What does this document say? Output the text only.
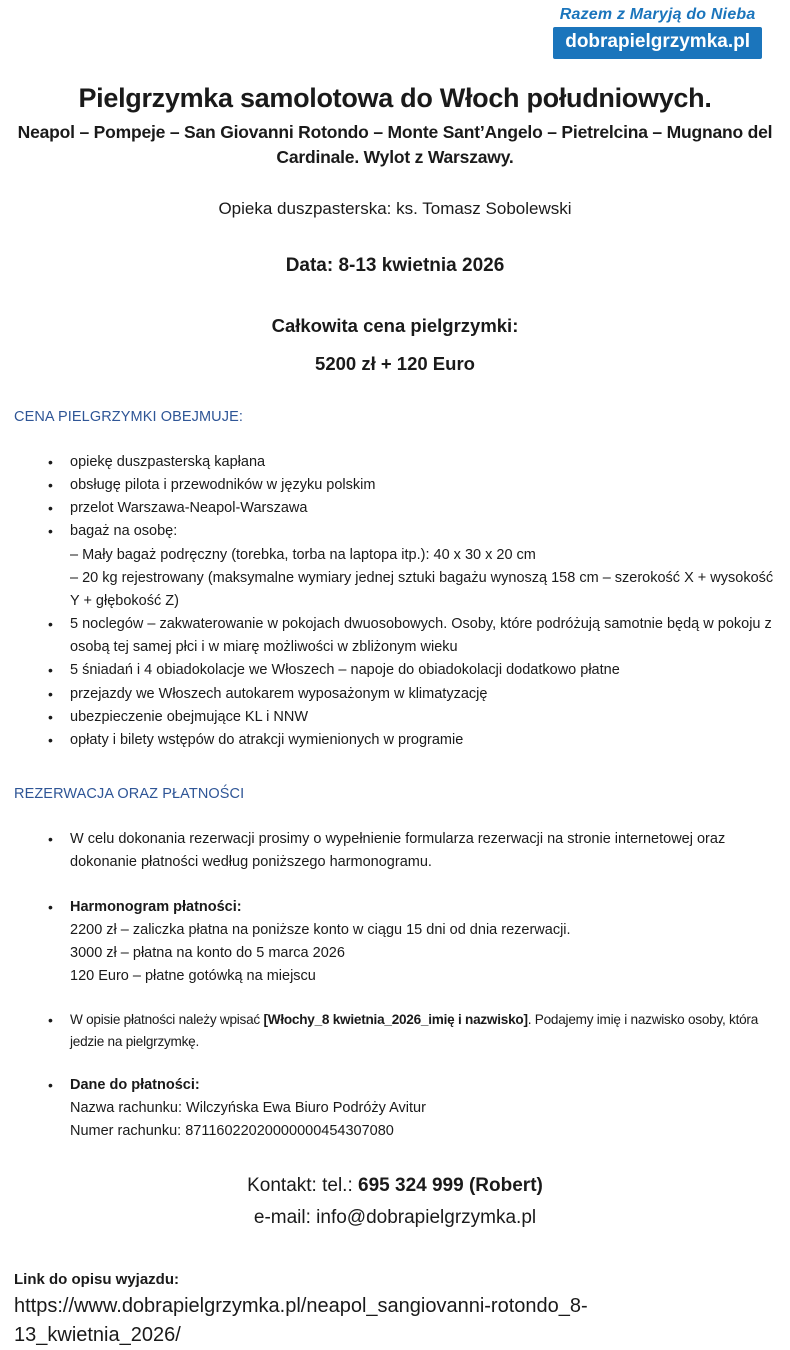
Razem z Maryją do Nieba
dobrapielgrzymka.pl
Pielgrzymka samolotowa do Włoch południowych.
Neapol – Pompeje – San Giovanni Rotondo – Monte Sant’Angelo – Pietrelcina – Mugnano del Cardinale. Wylot z Warszawy.

Opieka duszpasterska: ks. Tomasz Sobolewski

Data: 8-13 kwietnia 2026

Całkowita cena pielgrzymki:

5200 zł + 120 Euro

CENA PIELGRZYMKI OBEJMUJE:
• opiekę duszpasterską kapłana
• obsługę pilota i przewodników w języku polskim
• przelot Warszawa-Neapol-Warszawa
• bagaż na osobę:
– Mały bagaż podręczny (torebka, torba na laptopa itp.): 40 x 30 x 20 cm
– 20 kg rejestrowany (maksymalne wymiary jednej sztuki bagażu wynoszą 158 cm – szerokość X + wysokość Y + głębokość Z)
• 5 noclegów – zakwaterowanie w pokojach dwuosobowych. Osoby, które podróżują samotnie będą w pokoju z osobą tej samej płci i w miarę możliwości w zbliżonym wieku
• 5 śniadań i 4 obiadokolacje we Włoszech – napoje do obiadokolacji dodatkowo płatne
• przejazdy we Włoszech autokarem wyposażonym w klimatyzację
• ubezpieczenie obejmujące KL i NNW
• opłaty i bilety wstępów do atrakcji wymienionych w programie
REZERWACJA ORAZ PŁATNOŚCI
• W celu dokonania rezerwacji prosimy o wypełnienie formularza rezerwacji na stronie internetowej oraz dokonanie płatności według poniższego harmonogramu.
• Harmonogram płatności:
2200 zł – zaliczka płatna na poniższe konto w ciągu 15 dni od dnia rezerwacji.
3000 zł – płatna na konto do 5 marca 2026
120 Euro – płatne gotówką na miejscu
• W opisie płatności należy wpisać [Włochy_8 kwietnia_2026_imię i nazwisko]. Podajemy imię i nazwisko osoby, która jedzie na pielgrzymkę.
• Dane do płatności:
Nazwa rachunku: Wilczyńska Ewa Biuro Podróży Avitur
Numer rachunku: 87116022020000000454307080

Kontakt: tel.: 695 324 999 (Robert)

e-mail: info@dobrapielgrzymka.pl

Link do opisu wyjazdu:

https://www.dobrapielgrzymka.pl/neapol_sangiovanni-rotondo_8-13_kwietnia_2026/
